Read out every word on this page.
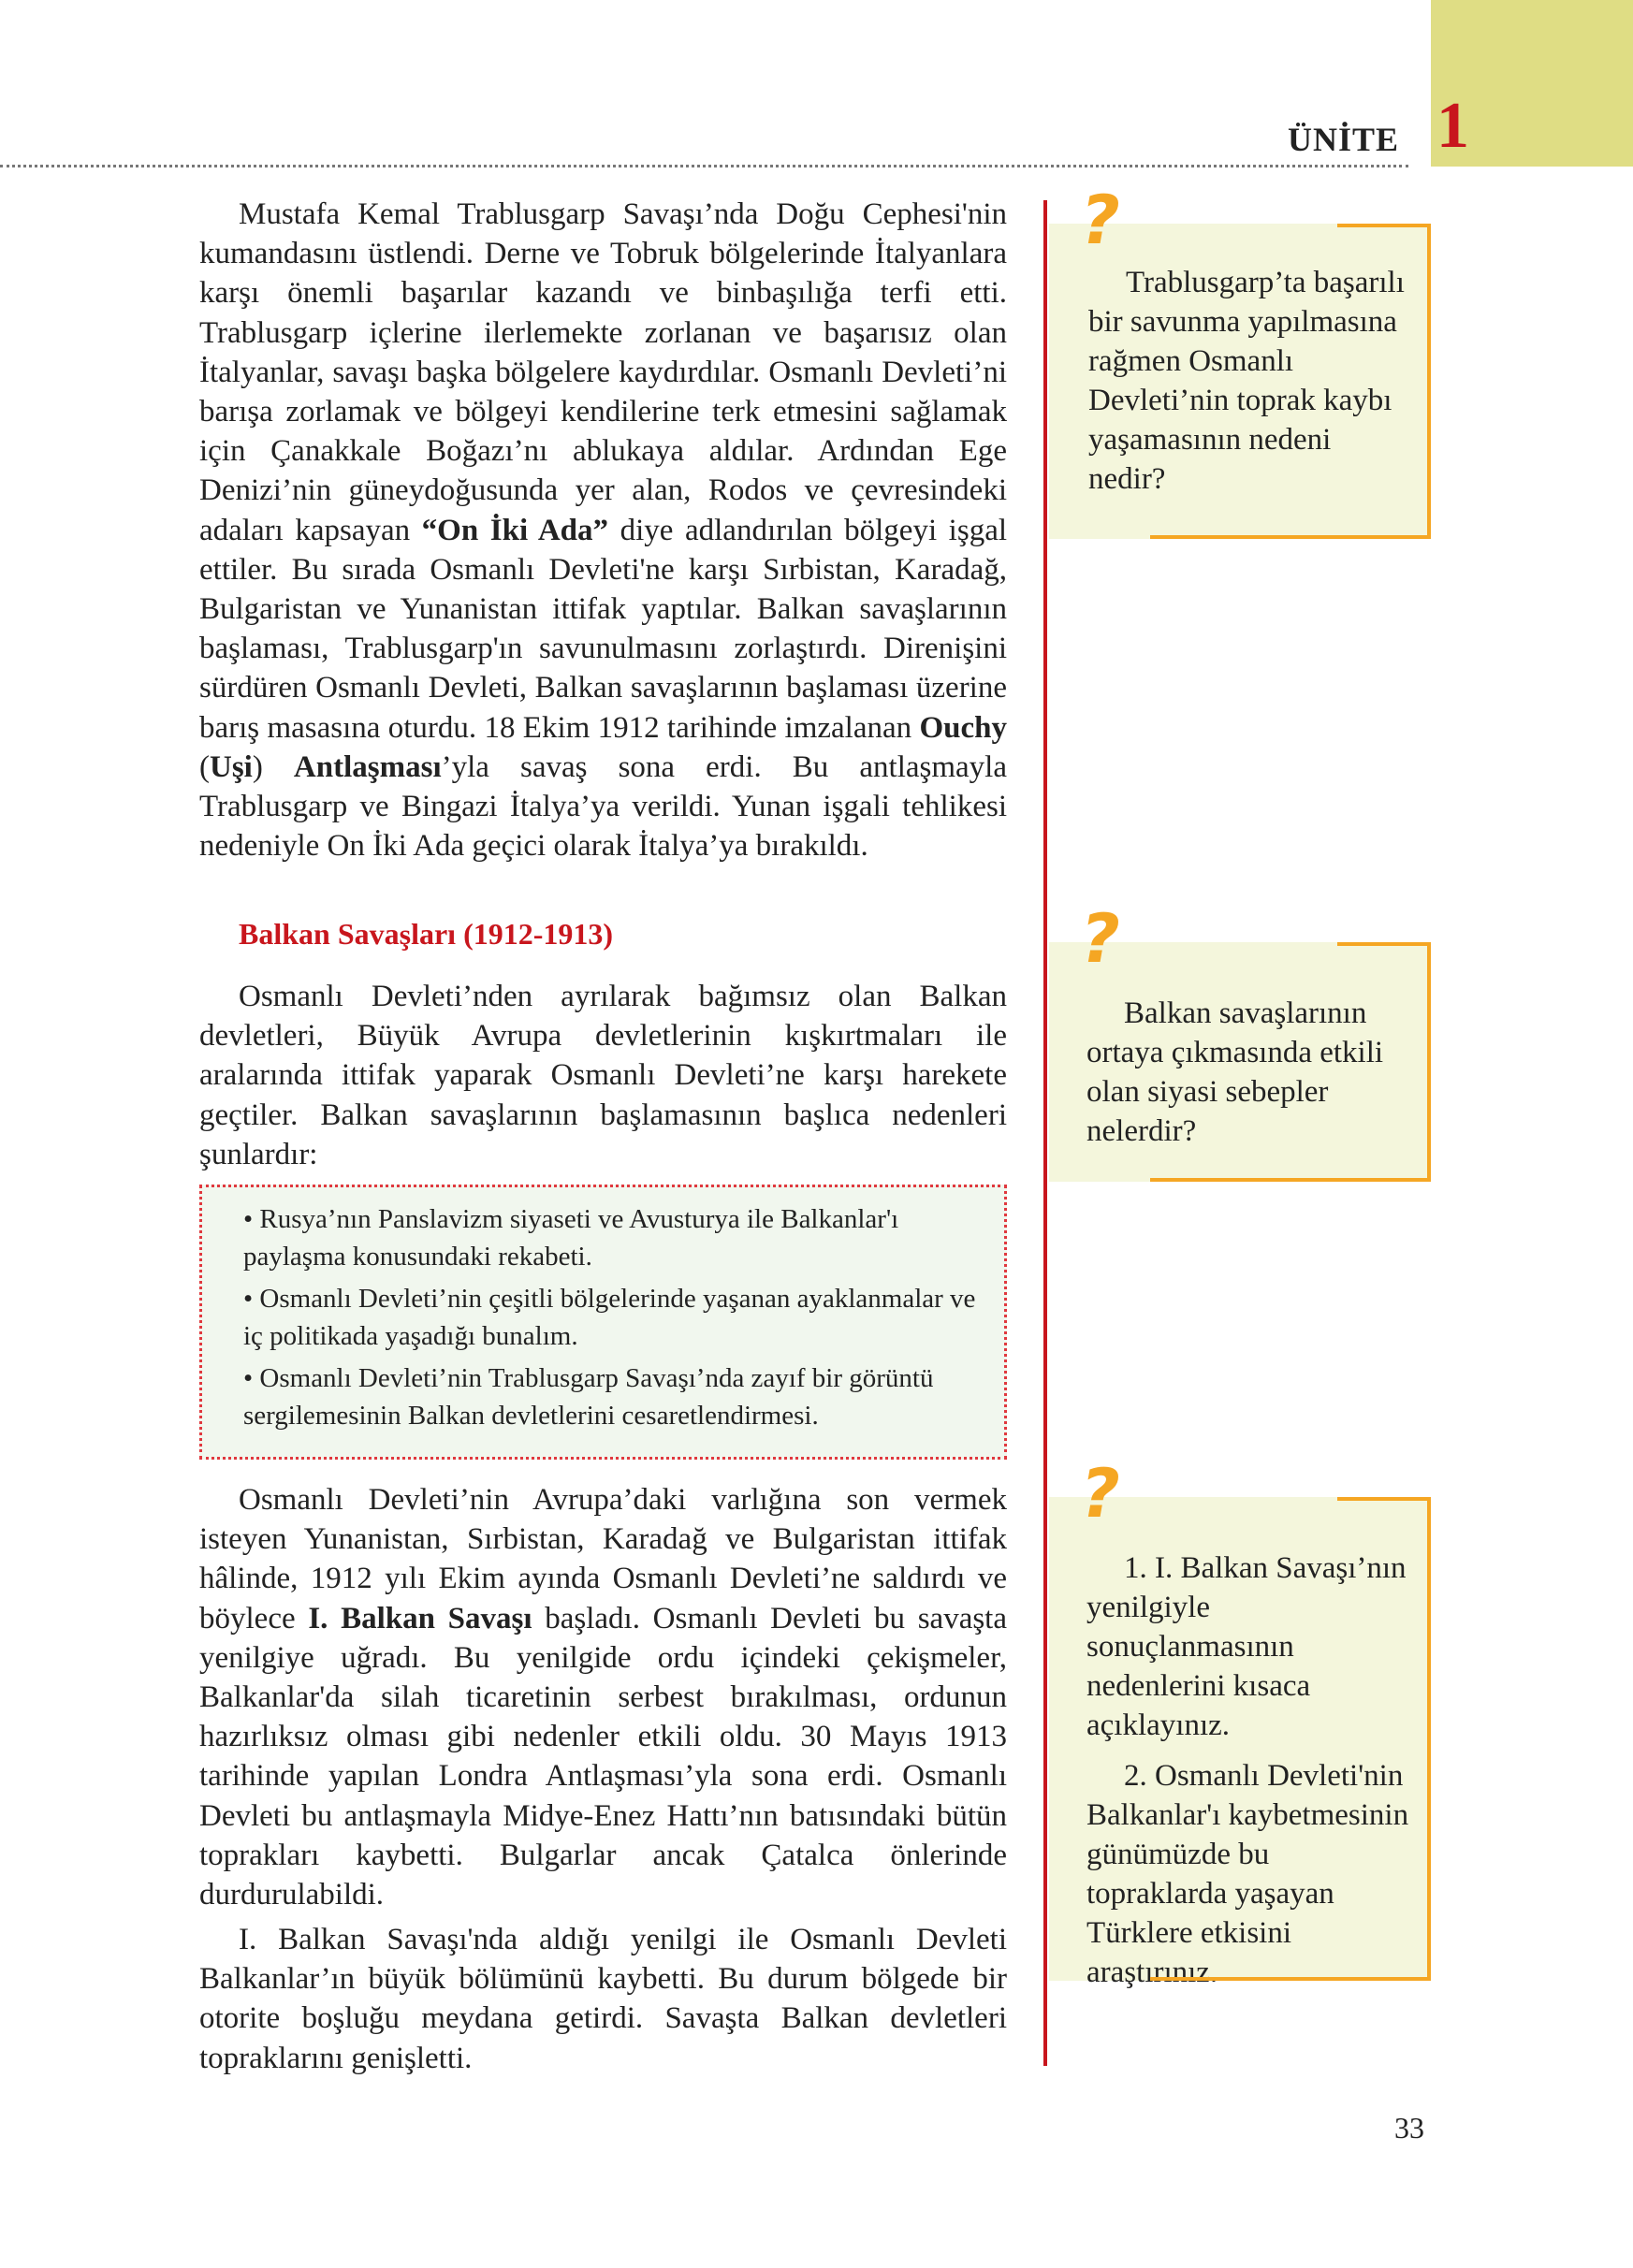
1
ÜNİTE

Mustafa Kemal Trablusgarp Savaşı’nda Doğu Cephesi'nin kumandasını üstlendi. Derne ve Tobruk bölgelerinde İtalyanlara karşı önemli başarılar kazandı ve binbaşılığa terfi etti. Trablusgarp içlerine ilerlemekte zorlanan ve başarısız olan İtalyanlar, savaşı başka bölgelere kaydırdılar. Osmanlı Devleti’ni barışa zorlamak ve bölgeyi kendilerine terk etmesini sağlamak için Çanakkale Boğazı’nı ablukaya aldılar. Ardından Ege Denizi’nin güneydoğusunda yer alan, Rodos ve çevresindeki adaları kapsayan “On İki Ada” diye adlandırılan bölgeyi işgal ettiler. Bu sırada Osmanlı Devleti'ne karşı Sırbistan, Karadağ, Bulgaristan ve Yunanistan ittifak yaptılar. Balkan savaşlarının başlaması, Trablusgarp'ın savunulmasını zorlaştırdı. Direnişini sürdüren Osmanlı Devleti, Balkan savaşlarının başlaması üzerine barış masasına oturdu. 18 Ekim 1912 tarihinde imzalanan Ouchy (Uşi) Antlaşması’yla savaş sona erdi. Bu antlaşmayla Trablusgarp ve Bingazi İtalya’ya verildi. Yunan işgali tehlikesi nedeniyle On İki Ada geçici olarak İtalya’ya bırakıldı.

Balkan Savaşları (1912-1913)

Osmanlı Devleti’nden ayrılarak bağımsız olan Balkan devletleri, Büyük Avrupa devletlerinin kışkırtmaları ile aralarında ittifak yaparak Osmanlı Devleti’ne karşı harekete geçtiler. Balkan savaşlarının başlamasının başlıca nedenleri şunlardır:

• Rusya’nın Panslavizm siyaseti ve Avusturya ile Balkanlar'ı paylaşma konusundaki rekabeti.
• Osmanlı Devleti’nin çeşitli bölgelerinde yaşanan ayaklanmalar ve iç politikada yaşadığı bunalım.
• Osmanlı Devleti’nin Trablusgarp Savaşı’nda zayıf bir görüntü sergilemesinin Balkan devletlerini cesaretlendirmesi.

Osmanlı Devleti’nin Avrupa’daki varlığına son vermek isteyen Yunanistan, Sırbistan, Karadağ ve Bulgaristan ittifak hâlinde, 1912 yılı Ekim ayında Osmanlı Devleti’ne saldırdı ve böylece I. Balkan Savaşı başladı. Osmanlı Devleti bu savaşta yenilgiye uğradı. Bu yenilgide ordu içindeki çekişmeler, Balkanlar'da silah ticaretinin serbest bırakılması, ordunun hazırlıksız olması gibi nedenler etkili oldu. 30 Mayıs 1913 tarihinde yapılan Londra Antlaşması’yla sona erdi. Osmanlı Devleti bu antlaşmayla Midye-Enez Hattı’nın batısındaki bütün toprakları kaybetti. Bulgarlar ancak Çatalca önlerinde durdurulabildi.

I. Balkan Savaşı'nda aldığı yenilgi ile Osmanlı Devleti Balkanlar’ın büyük bölümünü kaybetti. Bu durum bölgede bir otorite boşluğu meydana getirdi. Savaşta Balkan devletleri topraklarını genişletti.

?

Trablusgarp’ta başarılı bir savunma yapılmasına rağmen Osmanlı Devleti’nin toprak kaybı yaşamasının nedeni nedir?

?

Balkan savaşlarının ortaya çıkmasında etkili olan siyasi sebepler nelerdir?

?

1. I. Balkan Savaşı’nın yenilgiyle sonuçlanmasının nedenlerini kısaca açıklayınız.

2. Osmanlı Devleti'nin Balkanlar'ı kaybetmesinin günümüzde bu topraklarda yaşayan Türklere etkisini araştırınız.

33
